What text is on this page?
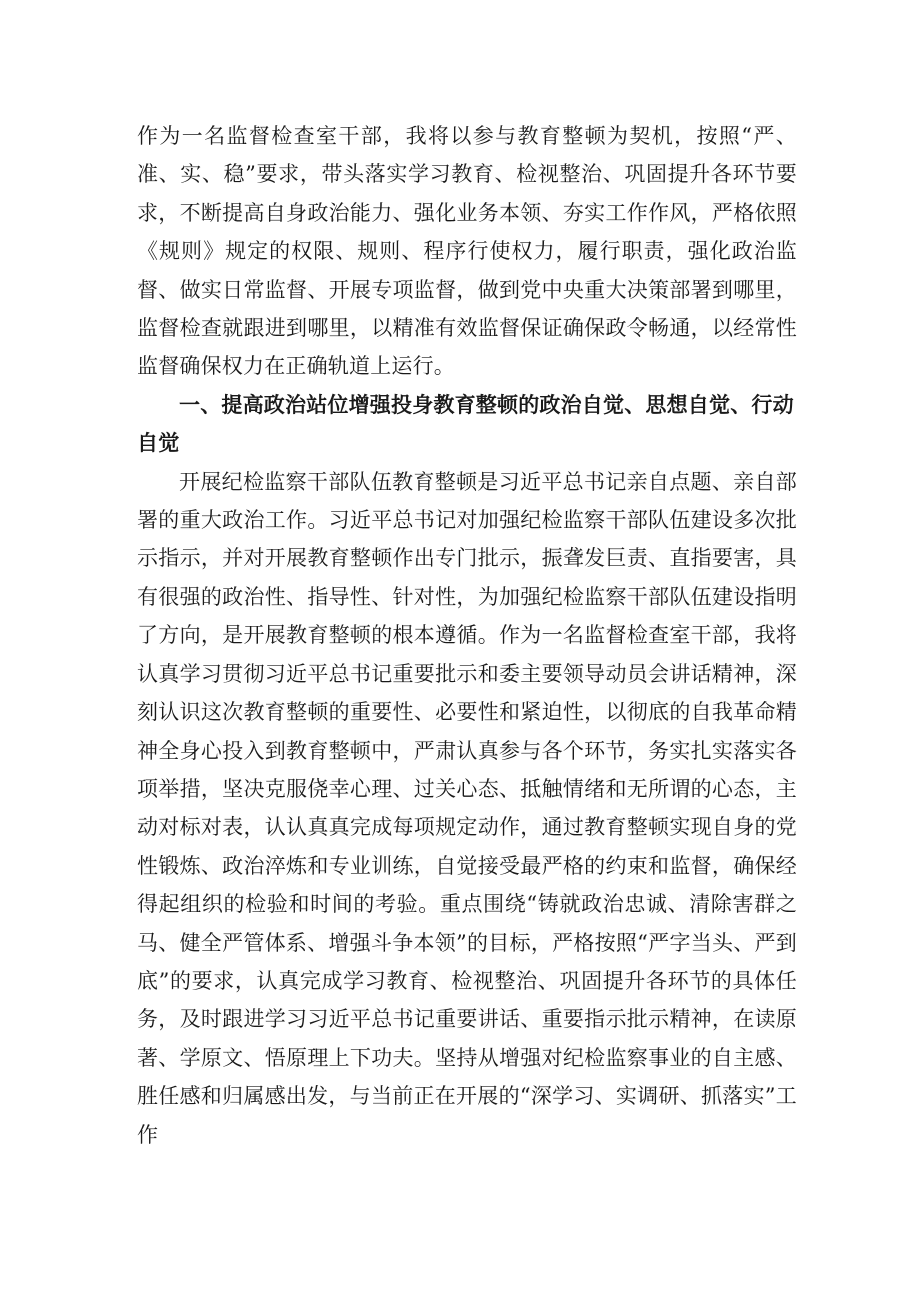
作为一名监督检查室干部，我将以参与教育整顿为契机，按照“严、准、实、稳”要求，带头落实学习教育、检视整治、巩固提升各环节要求，不断提高自身政治能力、强化业务本领、夯实工作作风，严格依照《规则》规定的权限、规则、程序行使权力，履行职责，强化政治监督、做实日常监督、开展专项监督，做到党中央重大决策部署到哪里，监督检查就跟进到哪里，以精准有效监督保证确保政令畅通，以经常性监督确保权力在正确轨道上运行。

一、提高政治站位增强投身教育整顿的政治自觉、思想自觉、行动自觉

开展纪检监察干部队伍教育整顿是习近平总书记亲自点题、亲自部署的重大政治工作。习近平总书记对加强纪检监察干部队伍建设多次批示指示，并对开展教育整顿作出专门批示，振聋发巨责、直指要害，具有很强的政治性、指导性、针对性，为加强纪检监察干部队伍建设指明了方向，是开展教育整顿的根本遵循。作为一名监督检查室干部，我将认真学习贯彻习近平总书记重要批示和委主要领导动员会讲话精神，深刻认识这次教育整顿的重要性、必要性和紧迫性，以彻底的自我革命精神全身心投入到教育整顿中，严肃认真参与各个环节，务实扎实落实各项举措，坚决克服侥幸心理、过关心态、抵触情绪和无所谓的心态，主动对标对表，认认真真完成每项规定动作，通过教育整顿实现自身的党性锻炼、政治淬炼和专业训练，自觉接受最严格的约束和监督，确保经得起组织的检验和时间的考验。重点围绕“铸就政治忠诚、清除害群之马、健全严管体系、增强斗争本领”的目标，严格按照“严字当头、严到底”的要求，认真完成学习教育、检视整治、巩固提升各环节的具体任务，及时跟进学习习近平总书记重要讲话、重要指示批示精神，在读原著、学原文、悟原理上下功夫。坚持从增强对纪检监察事业的自主感、胜任感和归属感出发，与当前正在开展的“深学习、实调研、抓落实”工作
